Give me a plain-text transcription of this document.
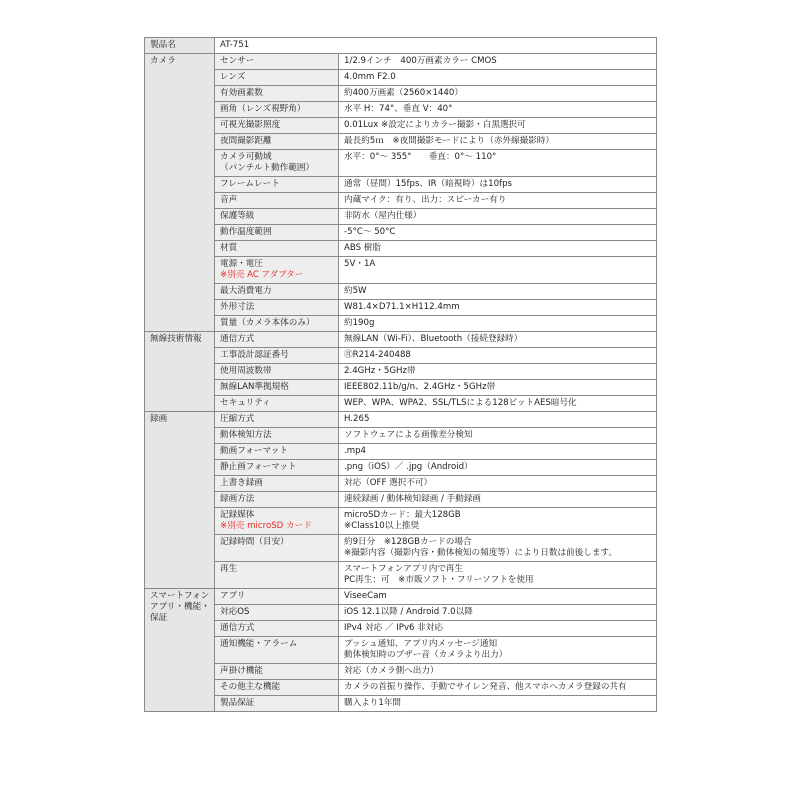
製品名	AT-751	

カメラ	センサー	1/2.9インチ　400万画素カラー CMOS

	レンズ	4.0mm F2.0

	有効画素数	約400万画素（2560×1440）

	画角（レンズ視野角）	水平 H：74°、垂直 V：40°

	可視光撮影照度	0.01Lux ※設定によりカラー撮影・白黒選択可

	夜間撮影距離	最長約5ｍ　※夜間撮影モードにより（赤外線撮影時）

	カメラ可動域
（パンチルト動作範囲）	水平：0°～ 355°　　垂直：0°～ 110°

	フレームレート	通常（昼間）15fps、IR（暗視時）は10fps

	音声	内蔵マイク：有り、出力：スピーカー有り

	保護等級	非防水（屋内仕様）

	動作温度範囲	-5°C～ 50°C

	材質	ABS 樹脂

	電源・電圧
※別売 AC アダプター	5V・1A

	最大消費電力	約5W

	外形寸法	W81.4×D71.1×H112.4mm

	質量（カメラ本体のみ）	約190g

無線技術情報	通信方式	無線LAN（Wi-Fi）、Bluetooth（接続登録時）

	工事設計認証番号	㊊R214-240488

	使用周波数帯	2.4GHz・5GHz帯

	無線LAN準拠規格	IEEE802.11b/g/n、2.4GHz・5GHz帯

	セキュリティ	WEP、WPA、WPA2、SSL/TLSによる128ビットAES暗号化

録画	圧縮方式	H.265

	動体検知方法	ソフトウェアによる画像差分検知

	動画フォーマット	.mp4

	静止画フォーマット	.png（iOS）／ .jpg（Android）

	上書き録画	対応（OFF 選択不可）

	録画方法	連続録画 / 動体検知録画 / 手動録画

	記録媒体
※別売 microSD カード	microSDカード：最大128GB
※Class10以上推奨

	記録時間（目安）	約9日分　※128GBカードの場合
※撮影内容（撮影内容・動体検知の頻度等）により日数は前後します。

	再生	スマートフォンアプリ内で再生
PC再生：可　※市販ソフト・フリーソフトを使用

スマートフォン
アプリ・機能・
保証	アプリ	ViseeCam

	対応OS	iOS 12.1以降 / Android 7.0以降

	通信方式	IPv4 対応 ／ IPv6 非対応

	通知機能・アラーム	プッシュ通知、アプリ内メッセージ通知
動体検知時のブザー音（カメラより出力）

	声掛け機能	対応（カメラ側へ出力）

	その他主な機能	カメラの首振り操作、手動でサイレン発音、他スマホへカメラ登録の共有

	製品保証	購入より1年間
